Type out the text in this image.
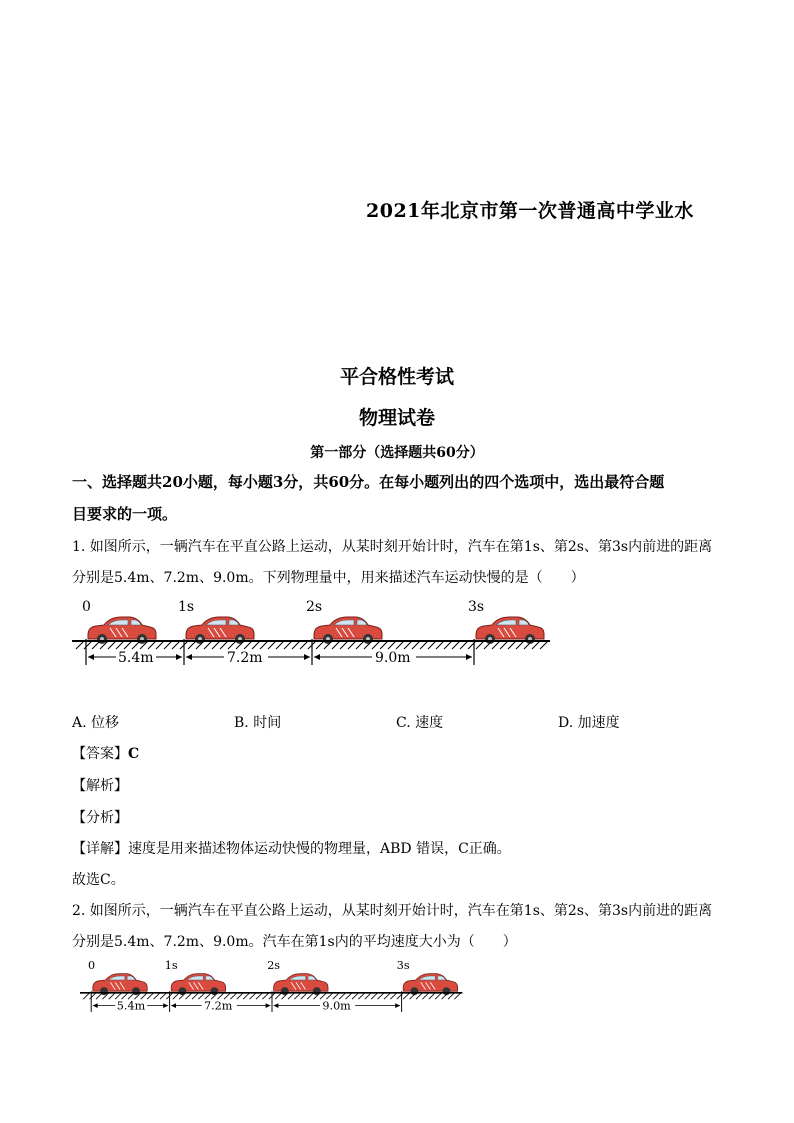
2021年北京市第一次普通高中学业水
平合格性考试
物理试卷
第一部分（选择题共60分）
一、选择题共20小题，每小题3分，共60分。在每小题列出的四个选项中，选出最符合题
目要求的一项。
1. 如图所示，一辆汽车在平直公路上运动，从某时刻开始计时，汽车在第1s、第2s、第3s内前进的距离
分别是5.4m、7.2m、9.0m。下列物理量中，用来描述汽车运动快慢的是（　　）
0	1s	2s	3s
5.4m	7.2m	9.0m
A. 位移	B. 时间	C. 速度	D. 加速度
【答案】C
【解析】
【分析】
【详解】速度是用来描述物体运动快慢的物理量，ABD 错误，C正确。
故选C。
2. 如图所示，一辆汽车在平直公路上运动，从某时刻开始计时，汽车在第1s、第2s、第3s内前进的距离
分别是5.4m、7.2m、9.0m。汽车在第1s内的平均速度大小为（　　）
0	1s	2s	3s
5.4m	7.2m	9.0m
